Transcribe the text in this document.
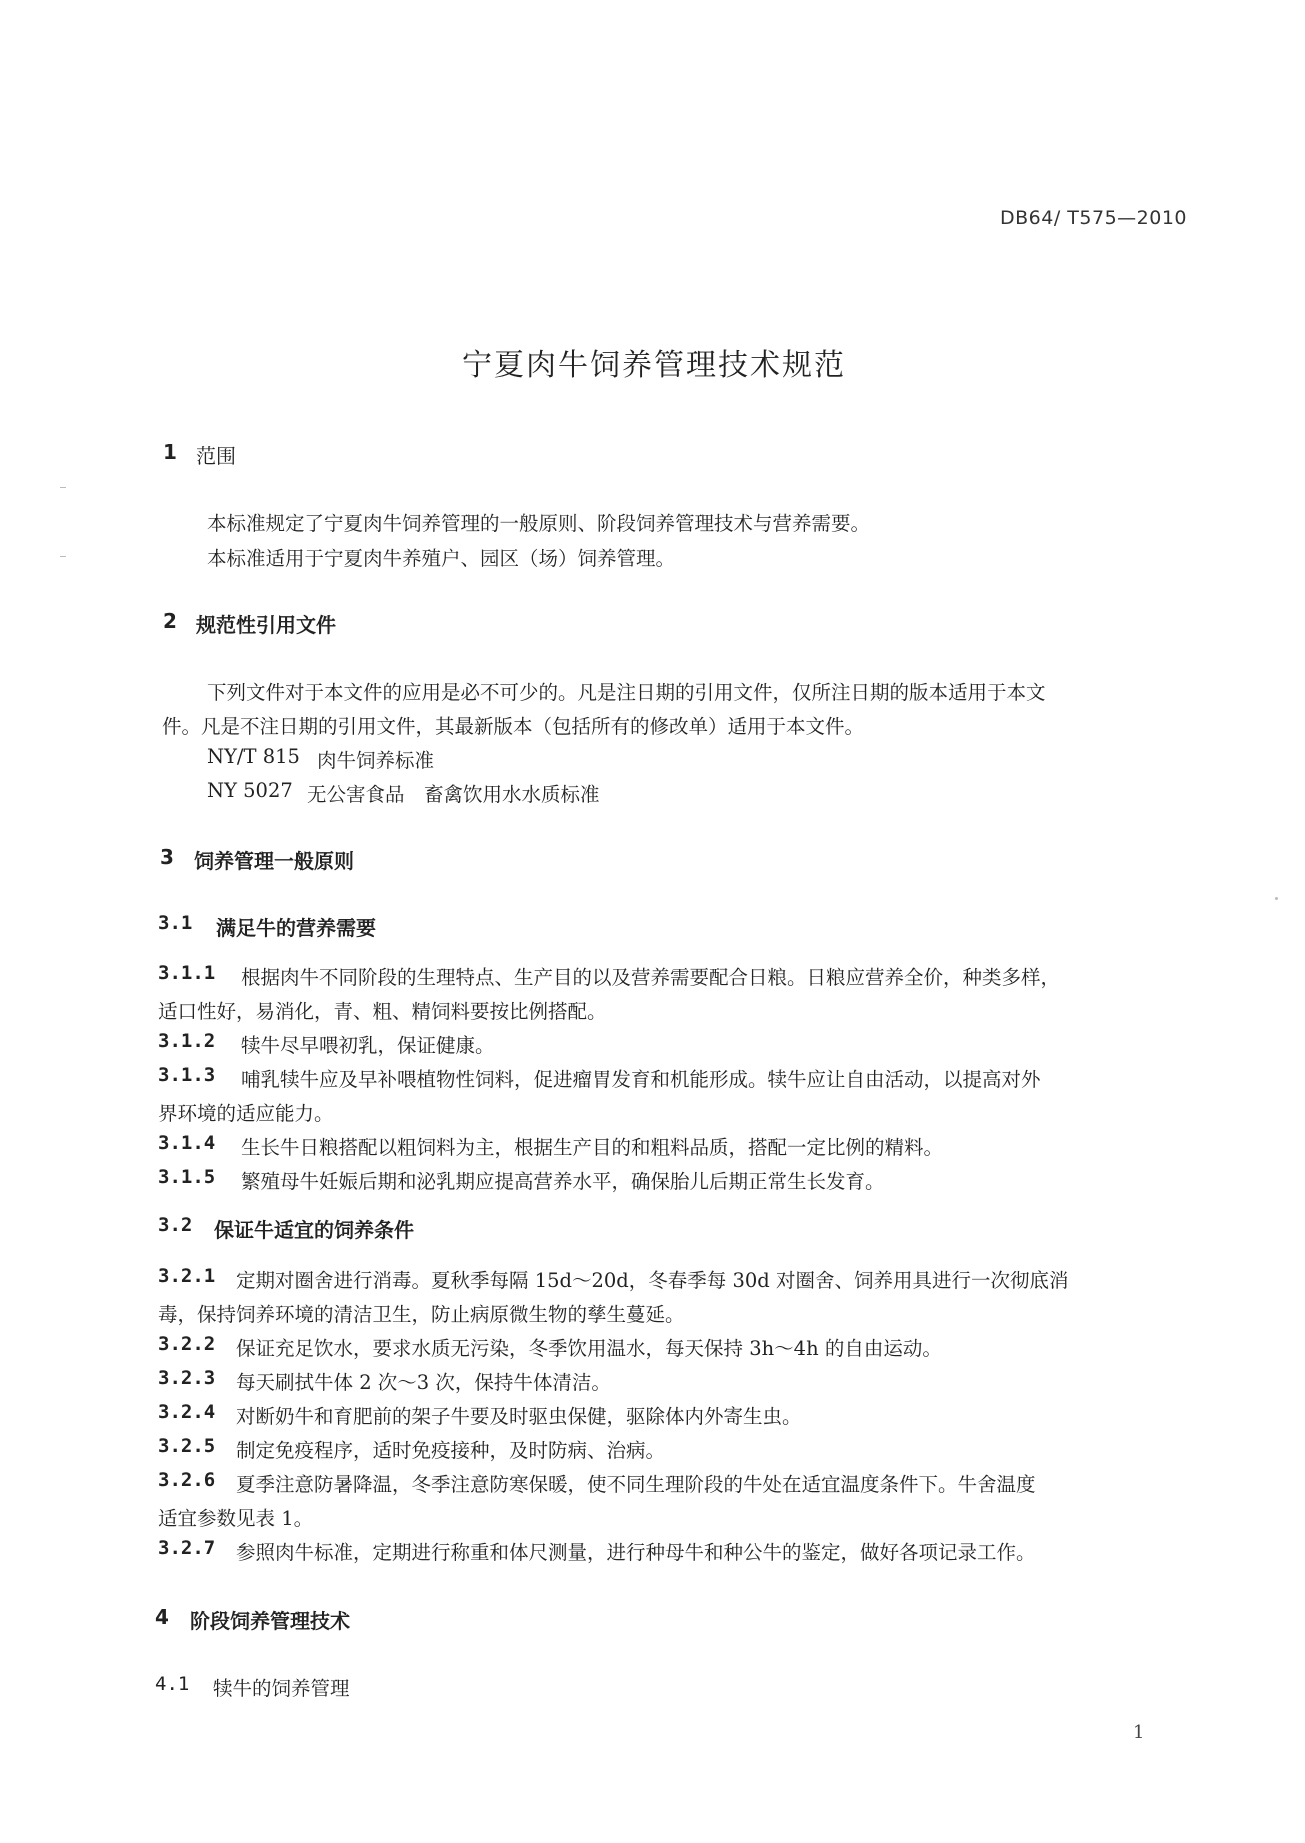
DB64/ T575—2010
宁夏肉牛饲养管理技术规范
1 范围
本标准规定了宁夏肉牛饲养管理的一般原则、阶段饲养管理技术与营养需要。
本标准适用于宁夏肉牛养殖户、园区（场）饲养管理。
2 规范性引用文件
下列文件对于本文件的应用是必不可少的。凡是注日期的引用文件，仅所注日期的版本适用于本文
件。凡是不注日期的引用文件，其最新版本（包括所有的修改单）适用于本文件。
NY/T 815 肉牛饲养标准
NY 5027 无公害食品　畜禽饮用水水质标准
3 饲养管理一般原则
3.1 满足牛的营养需要
3.1.1 根据肉牛不同阶段的生理特点、生产目的以及营养需要配合日粮。日粮应营养全价，种类多样，
适口性好，易消化，青、粗、精饲料要按比例搭配。
3.1.2 犊牛尽早喂初乳，保证健康。
3.1.3 哺乳犊牛应及早补喂植物性饲料，促进瘤胃发育和机能形成。犊牛应让自由活动，以提高对外
界环境的适应能力。
3.1.4 生长牛日粮搭配以粗饲料为主，根据生产目的和粗料品质，搭配一定比例的精料。
3.1.5 繁殖母牛妊娠后期和泌乳期应提高营养水平，确保胎儿后期正常生长发育。
3.2 保证牛适宜的饲养条件
3.2.1 定期对圈舍进行消毒。夏秋季每隔 15d～20d，冬春季每 30d 对圈舍、饲养用具进行一次彻底消
毒，保持饲养环境的清洁卫生，防止病原微生物的孳生蔓延。
3.2.2 保证充足饮水，要求水质无污染，冬季饮用温水，每天保持 3h～4h 的自由运动。
3.2.3 每天刷拭牛体 2 次～3 次，保持牛体清洁。
3.2.4 对断奶牛和育肥前的架子牛要及时驱虫保健，驱除体内外寄生虫。
3.2.5 制定免疫程序，适时免疫接种，及时防病、治病。
3.2.6 夏季注意防暑降温，冬季注意防寒保暖，使不同生理阶段的牛处在适宜温度条件下。牛舍温度
适宜参数见表 1。
3.2.7 参照肉牛标准，定期进行称重和体尺测量，进行种母牛和种公牛的鉴定，做好各项记录工作。
4 阶段饲养管理技术
4.1 犊牛的饲养管理
1
